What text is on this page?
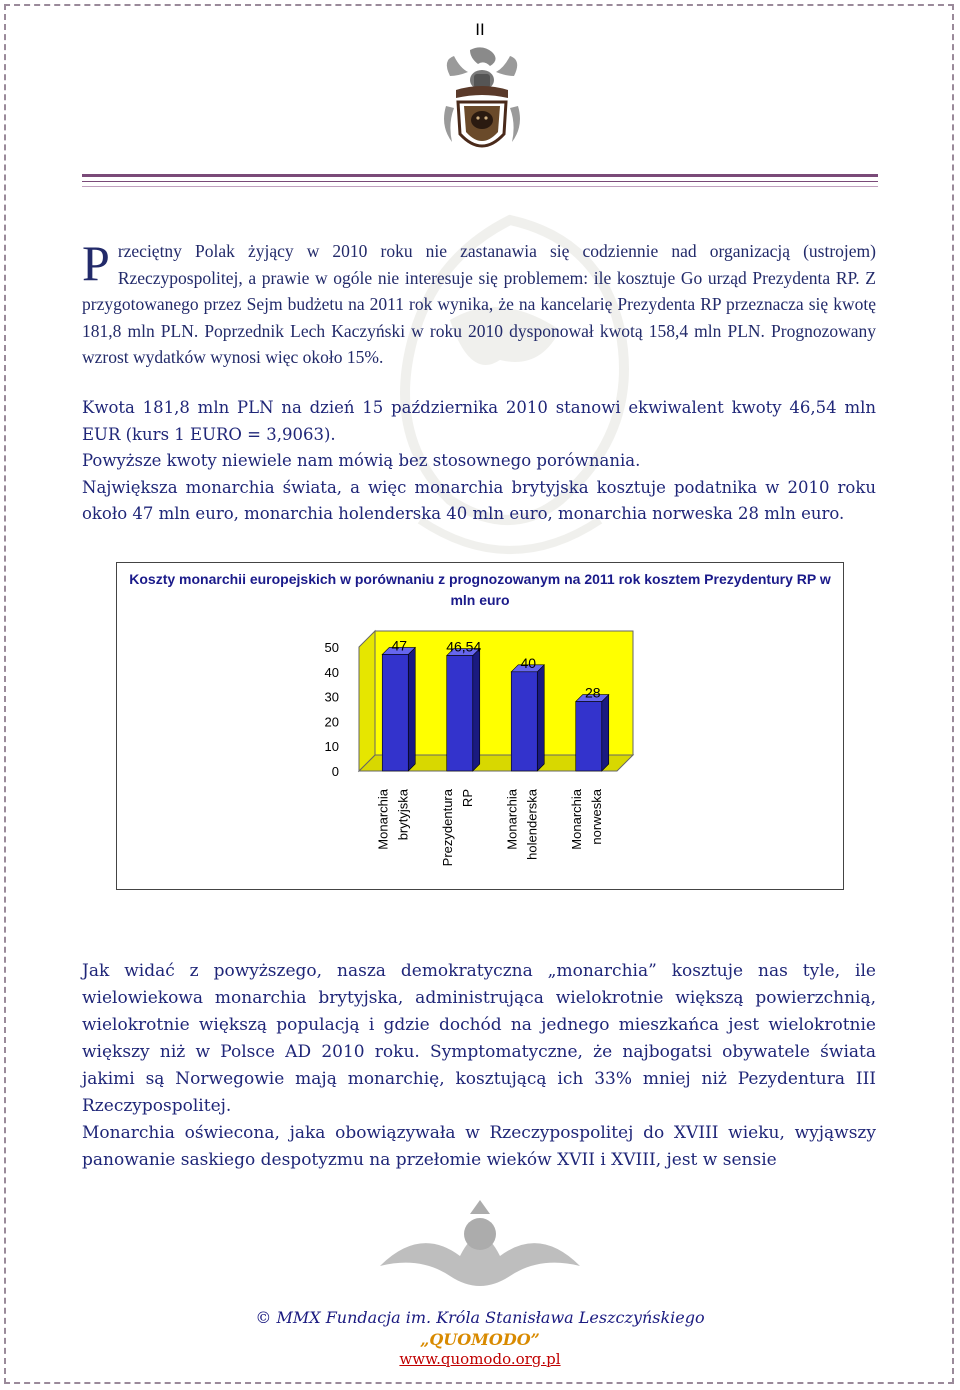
II
P rzeciętny Polak żyjący w 2010 roku nie zastanawia się codziennie nad organizacją (ustrojem) Rzeczypospolitej, a prawie w ogóle nie interesuje się problemem: ile kosztuje Go urząd Prezydenta RP. Z przygotowanego przez Sejm budżetu na 2011 rok wynika, że na kancelarię Prezydenta RP przeznacza się kwotę 181,8 mln PLN. Poprzednik Lech Kaczyński w roku 2010 dysponował kwotą 158,4 mln PLN. Prognozowany wzrost wydatków wynosi więc około 15%.

Kwota 181,8 mln PLN na dzień 15 października 2010 stanowi ekwiwalent kwoty 46,54 mln EUR (kurs 1 EURO = 3,9063).

Powyższe kwoty niewiele nam mówią bez stosownego porównania.

Największa monarchia świata, a więc monarchia brytyjska kosztuje podatnika w 2010 roku około 47 mln euro, monarchia holenderska 40 mln euro, monarchia norweska 28 mln euro.

Koszty monarchii europejskich w porównaniu z prognozowanym na 2011 rok kosztem Prezydentury RP w mln euro
0
10
20
30
40
50	47
Monarchia brytyjska
46,54
Prezydentura RP
40
Monarchia holenderska
28
Monarchia norweska

Jak widać z powyższego, nasza demokratyczna „monarchia” kosztuje nas tyle, ile wielowiekowa monarchia brytyjska, administrująca wielokrotnie większą powierzchnią, wielokrotnie większą populacją i gdzie dochód na jednego mieszkańca jest wielokrotnie większy niż w Polsce AD 2010 roku. Symptomatyczne, że najbogatsi obywatele świata jakimi są Norwegowie mają monarchię, kosztującą ich 33% mniej niż Pezydentura III Rzeczypospolitej.

Monarchia oświecona, jaka obowiązywała w Rzeczypospolitej do XVIII wieku, wyjąwszy panowanie saskiego despotyzmu na przełomie wieków XVII i XVIII, jest w sensie

© MMX Fundacja im. Króla Stanisława Leszczyńskiego
„QUOMODO”
www.quomodo.org.pl
